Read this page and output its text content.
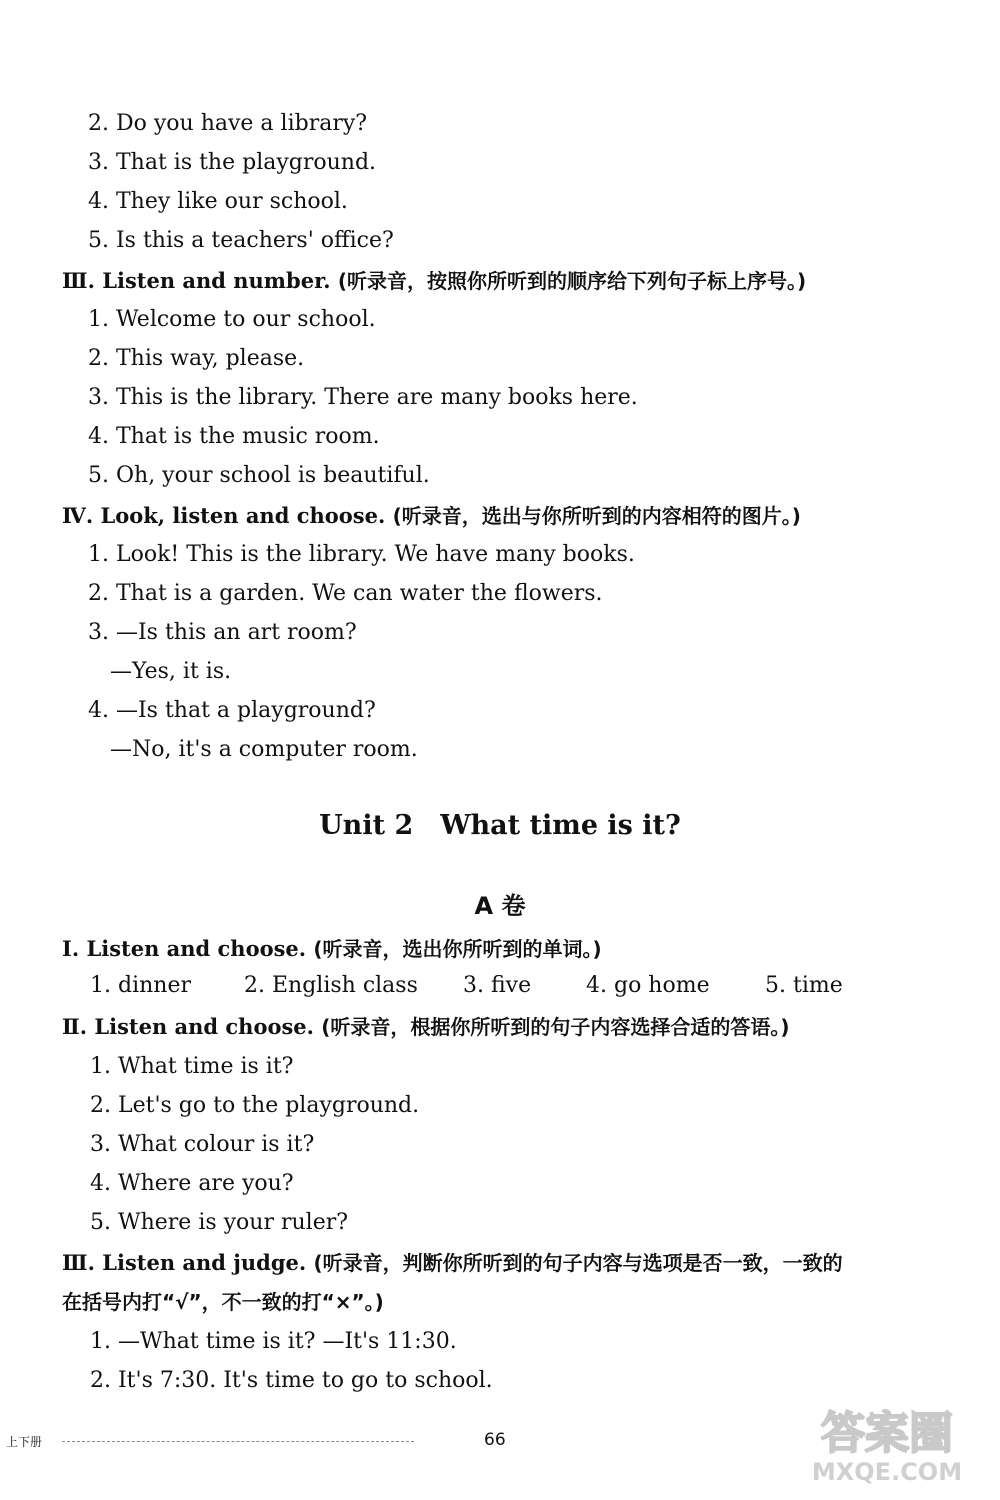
2. Do you have a library?
3. That is the playground.
4. They like our school.
5. Is this a teachers' office?
Ⅲ. Listen and number. (听录音，按照你所听到的顺序给下列句子标上序号。)
1. Welcome to our school.
2. This way, please.
3. This is the library. There are many books here.
4. That is the music room.
5. Oh, your school is beautiful.
Ⅳ. Look, listen and choose. (听录音，选出与你所听到的内容相符的图片。)
1. Look! This is the library. We have many books.
2. That is a garden. We can water the flowers.
3. —Is this an art room?
—Yes, it is.
4. —Is that a playground?
—No, it's a computer room.
Unit 2　What time is it?
A 卷
Ⅰ. Listen and choose. (听录音，选出你所听到的单词。)
1. dinner 2. English class 3. five 4. go home	5. time
Ⅱ. Listen and choose. (听录音，根据你所听到的句子内容选择合适的答语。)
1. What time is it?
2. Let's go to the playground.
3. What colour is it?
4. Where are you?
5. Where is your ruler?
Ⅲ. Listen and judge. (听录音，判断你所听到的句子内容与选项是否一致，一致的
在括号内打“√”，不一致的打“×”。)
1. —What time is it? —It's 11:30.
2. It's 7:30. It's time to go to school.
上下册	66	答案圈
MXQE.COM
